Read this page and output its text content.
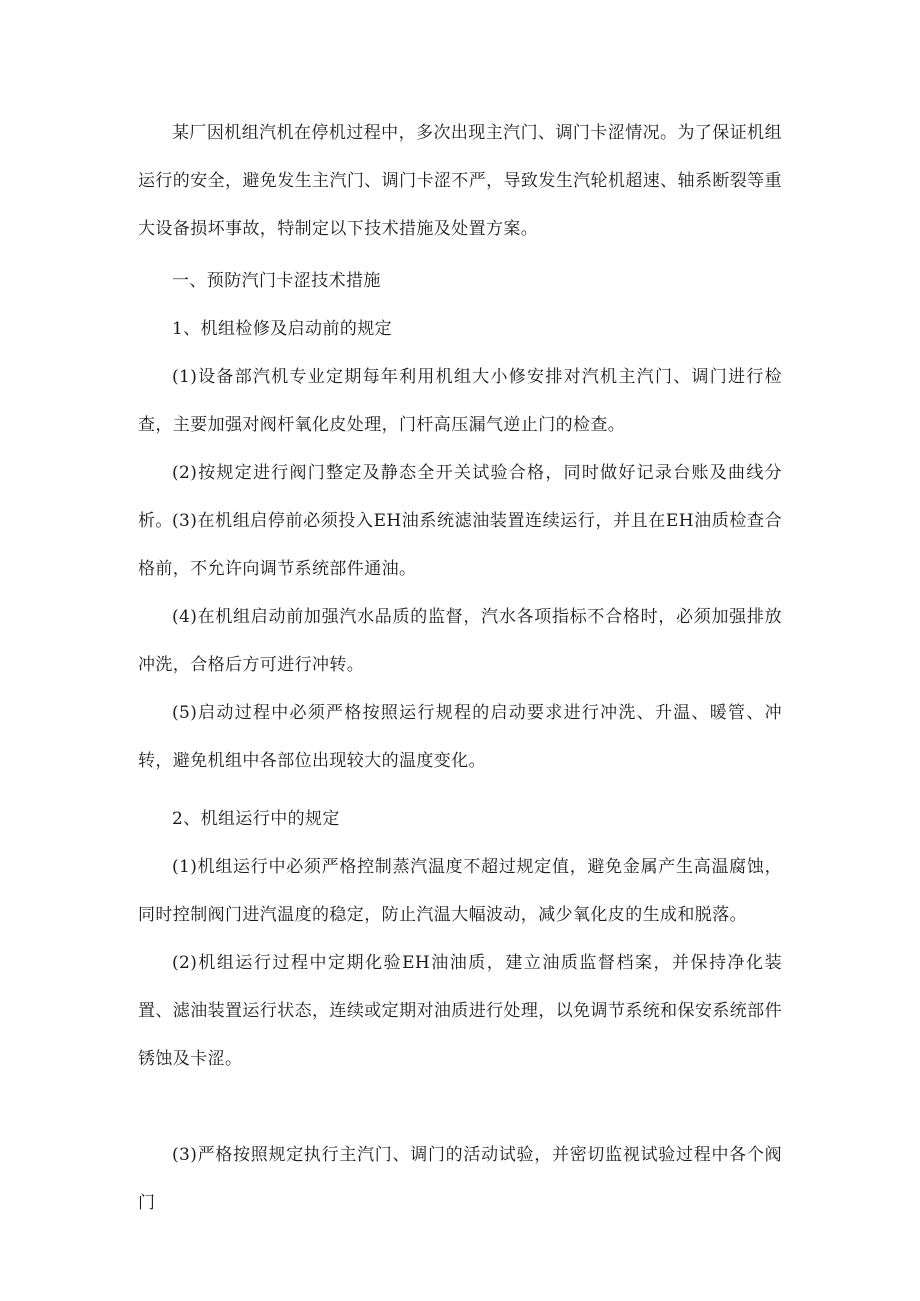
某厂因机组汽机在停机过程中，多次出现主汽门、调门卡涩情况。为了保证机组运行的安全，避免发生主汽门、调门卡涩不严，导致发生汽轮机超速、轴系断裂等重大设备损坏事故，特制定以下技术措施及处置方案。

一、预防汽门卡涩技术措施

1、机组检修及启动前的规定

(1)设备部汽机专业定期每年利用机组大小修安排对汽机主汽门、调门进行检查，主要加强对阀杆氧化皮处理，门杆高压漏气逆止门的检查。

(2)按规定进行阀门整定及静态全开关试验合格，同时做好记录台账及曲线分析。 (3)在机组启停前必须投入EH油系统滤油装置连续运行，并且在EH油质检查合格前，不允许向调节系统部件通油。

(4)在机组启动前加强汽水品质的监督，汽水各项指标不合格时，必须加强排放冲洗，合格后方可进行冲转。

(5)启动过程中必须严格按照运行规程的启动要求进行冲洗、升温、暖管、冲转，避免机组中各部位出现较大的温度变化。

2、机组运行中的规定

(1)机组运行中必须严格控制蒸汽温度不超过规定值，避免金属产生高温腐蚀，同时控制阀门进汽温度的稳定，防止汽温大幅波动，减少氧化皮的生成和脱落。

(2)机组运行过程中定期化验EH油油质，建立油质监督档案，并保持净化装置、滤油装置运行状态，连续或定期对油质进行处理，以免调节系统和保安系统部件锈蚀及卡涩。

(3)严格按照规定执行主汽门、调门的活动试验，并密切监视试验过程中各个阀门
